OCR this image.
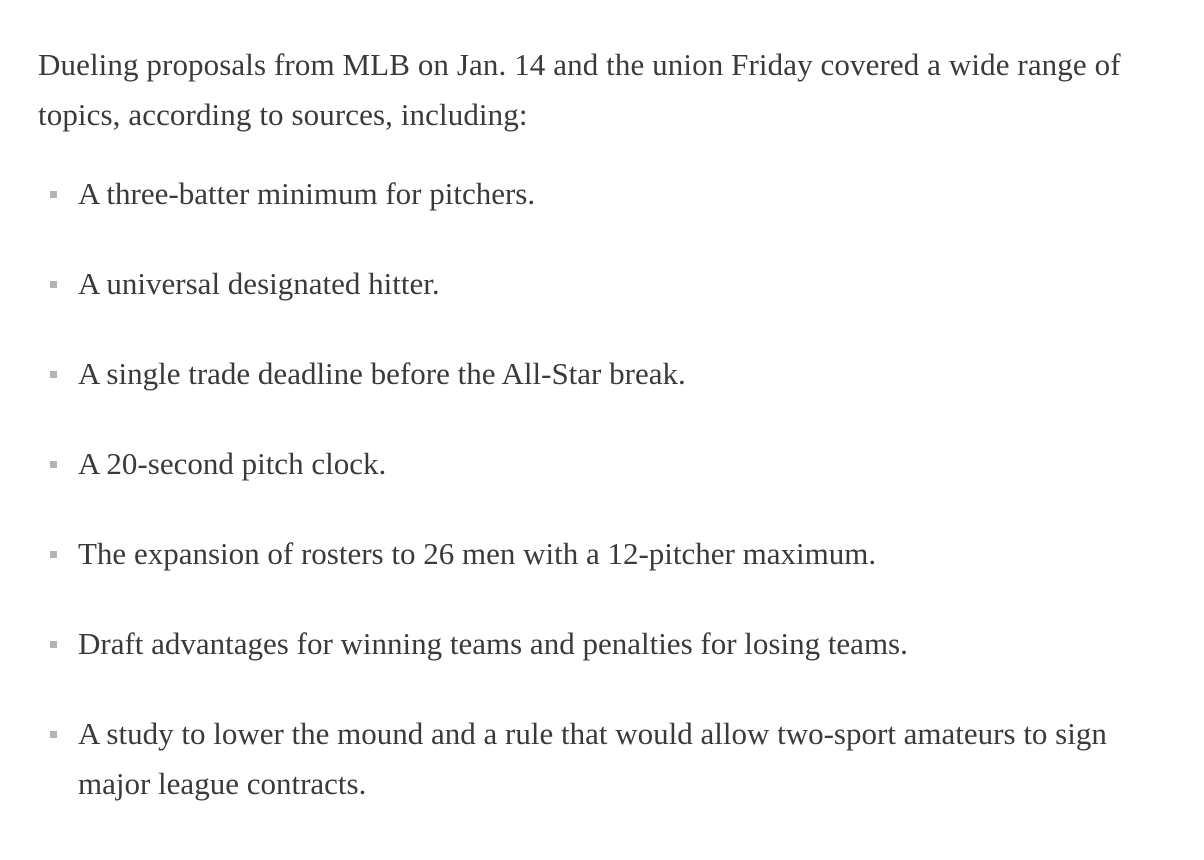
Dueling proposals from MLB on Jan. 14 and the union Friday covered a wide range of topics, according to sources, including:

A three-batter minimum for pitchers.
A universal designated hitter.
A single trade deadline before the All-Star break.
A 20-second pitch clock.
The expansion of rosters to 26 men with a 12-pitcher maximum.
Draft advantages for winning teams and penalties for losing teams.
A study to lower the mound and a rule that would allow two-sport amateurs to sign major league contracts.
